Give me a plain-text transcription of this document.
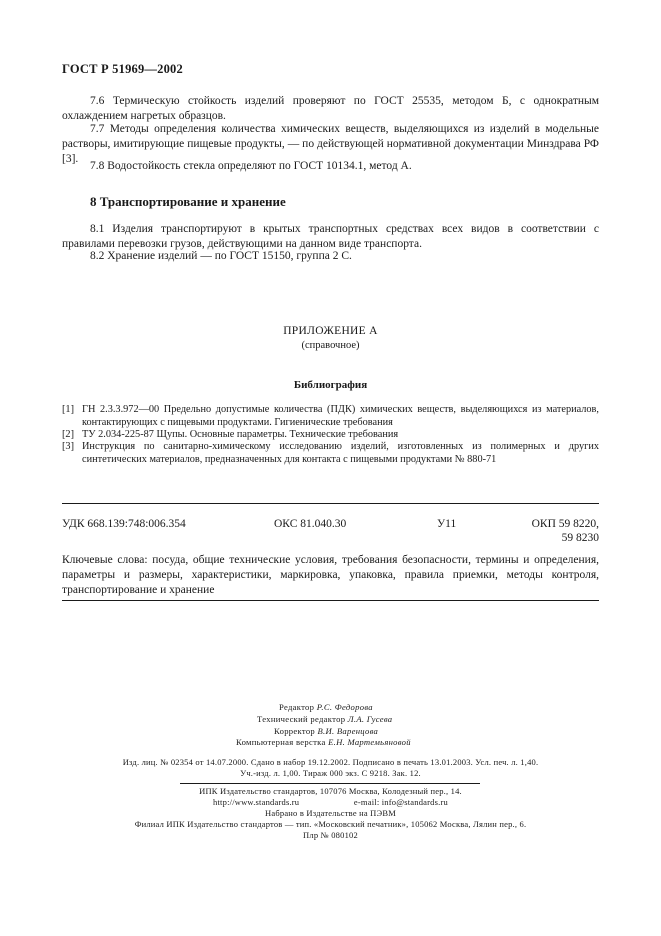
ГОСТ Р 51969—2002

7.6 Термическую стойкость изделий проверяют по ГОСТ 25535, методом Б, с однократным охлаждением нагретых образцов.

7.7 Методы определения количества химических веществ, выделяющихся из изделий в модельные растворы, имитирующие пищевые продукты, — по действующей нормативной документации Минздрава РФ [3].

7.8 Водостойкость стекла определяют по ГОСТ 10134.1, метод А.

8 Транспортирование и хранение

8.1 Изделия транспортируют в крытых транспортных средствах всех видов в соответствии с правилами перевозки грузов, действующими на данном виде транспорта.

8.2 Хранение изделий — по ГОСТ 15150, группа 2 С.

ПРИЛОЖЕНИЕ А
(справочное)
Библиография
[1] ГН 2.3.3.972—00 Предельно допустимые количества (ПДК) химических веществ, выделяющихся из материалов, контактирующих с пищевыми продуктами. Гигиенические требования
[2] ТУ 2.034-225-87 Щупы. Основные параметры. Технические требования
[3] Инструкция по санитарно-химическому исследованию изделий, изготовленных из полимерных и других синтетических материалов, предназначенных для контакта с пищевыми продуктами № 880-71
УДК 668.139:748:006.354	ОКС 81.040.30	У11	ОКП 59 8220,
59 8230
Ключевые слова: посуда, общие технические условия, требования безопасности, термины и определения, параметры и размеры, характеристики, маркировка, упаковка, правила приемки, методы контроля, транспортирование и хранение
Редактор Р.С. Федорова
Технический редактор Л.А. Гусева
Корректор В.И. Варенцова
Компьютерная верстка Е.Н. Мартемьяновой
Изд. лиц. № 02354 от 14.07.2000. Сдано в набор 19.12.2002. Подписано в печать 13.01.2003. Усл. печ. л. 1,40.
Уч.-изд. л. 1,00. Тираж 000 экз. С 9218. Зак. 12.
ИПК Издательство стандартов, 107076 Москва, Колодезный пер., 14.
http://www.standards.ru	e-mail: info@standards.ru
Набрано в Издательстве на ПЭВМ
Филиал ИПК Издательство стандартов — тип. «Московский печатник», 105062 Москва, Лялин пер., 6.
Плр № 080102
